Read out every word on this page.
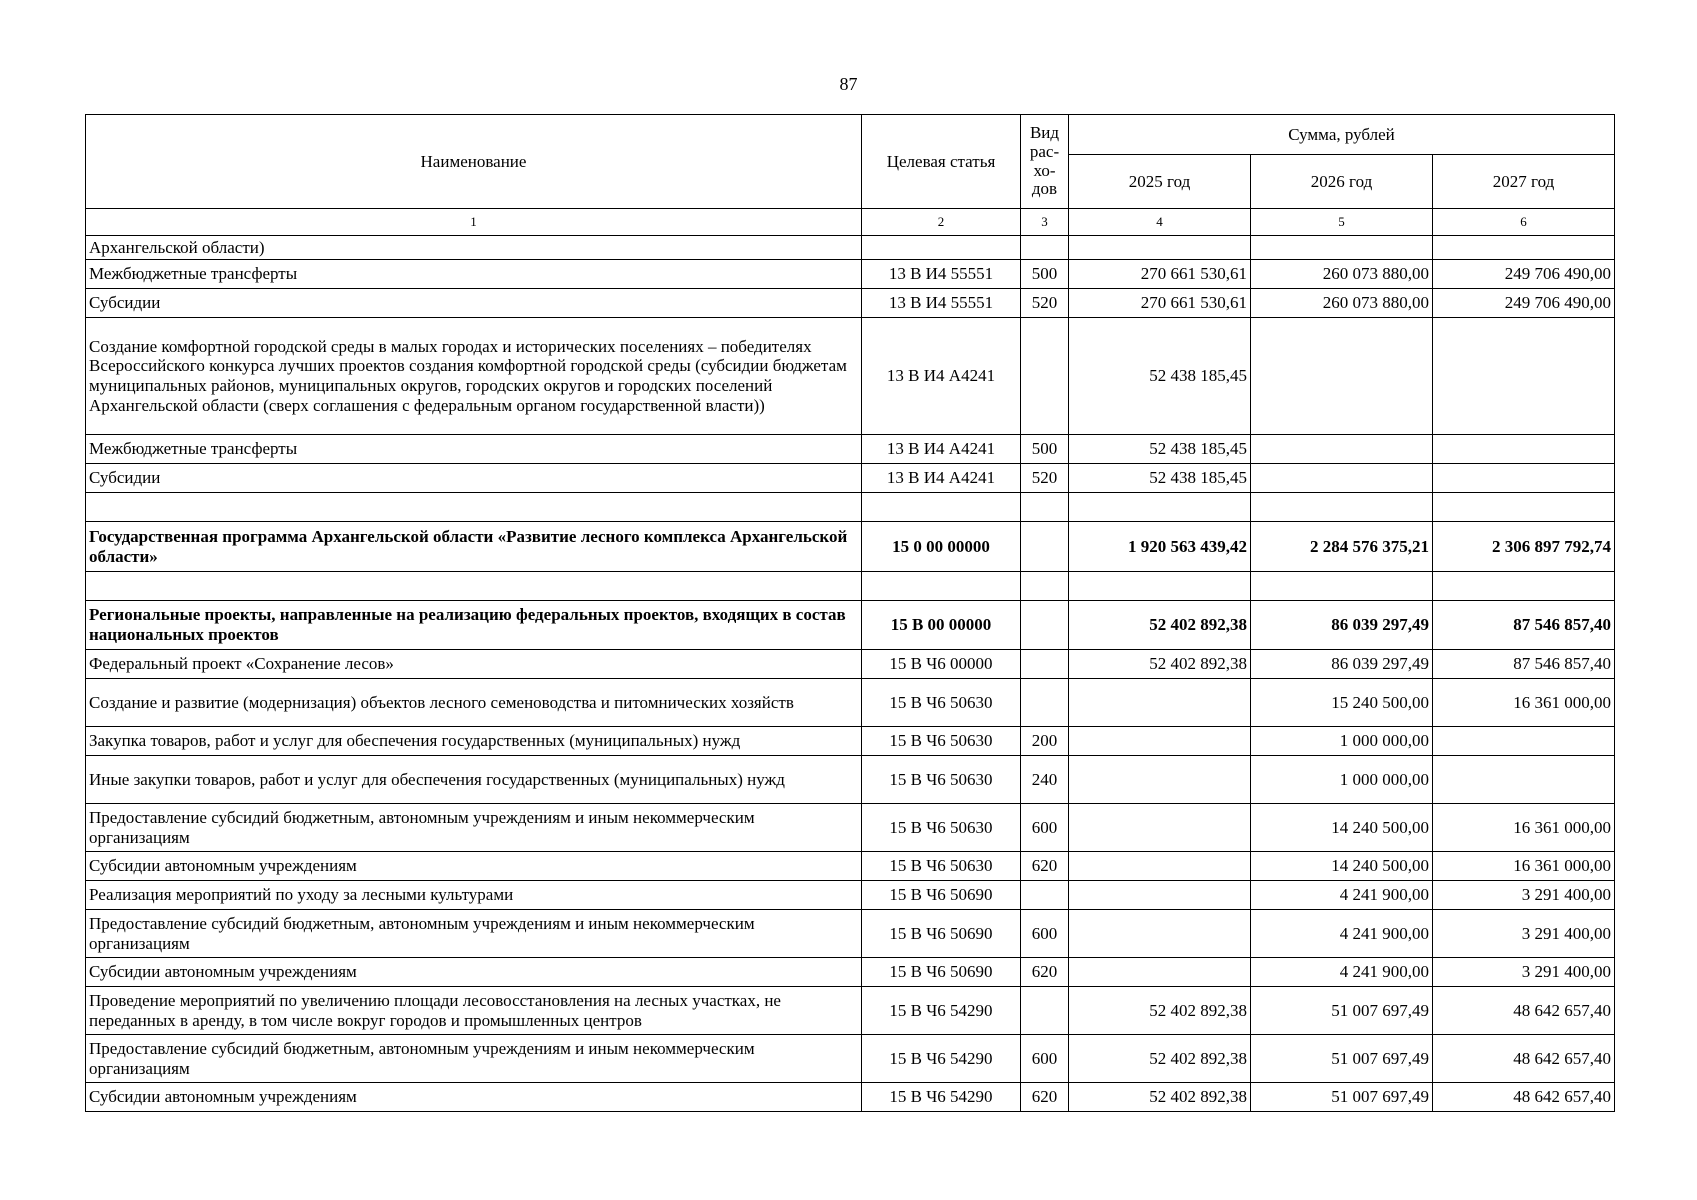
87
Наименование	Целевая статья	Вид рас-хо-дов	Сумма, рублей		
			2025 год	2026 год	2027 год
1	2	3	4	5	6
Архангельской области)					
Межбюджетные трансферты	13 В И4 55551	500	270 661 530,61	260 073 880,00	249 706 490,00
Субсидии	13 В И4 55551	520	270 661 530,61	260 073 880,00	249 706 490,00
Создание комфортной городской среды в малых городах и исторических поселениях – победителях Всероссийского конкурса лучших проектов создания комфортной городской среды (субсидии бюджетам муниципальных районов, муниципальных округов, городских округов и городских поселений Архангельской области (сверх соглашения с федеральным органом государственной власти))	13 В И4 А4241		52 438 185,45		
Межбюджетные трансферты	13 В И4 А4241	500	52 438 185,45		
Субсидии	13 В И4 А4241	520	52 438 185,45		

Государственная программа Архангельской области «Развитие лесного комплекса Архангельской области»	15 0 00 00000		1 920 563 439,42	2 284 576 375,21	2 306 897 792,74

Региональные проекты, направленные на реализацию федеральных проектов, входящих в состав национальных проектов	15 В 00 00000		52 402 892,38	86 039 297,49	87 546 857,40
Федеральный проект «Сохранение лесов»	15 В Ч6 00000		52 402 892,38	86 039 297,49	87 546 857,40
Создание и развитие (модернизация) объектов лесного семеноводства и питомнических хозяйств	15 В Ч6 50630			15 240 500,00	16 361 000,00
Закупка товаров, работ и услуг для обеспечения государственных (муниципальных) нужд	15 В Ч6 50630	200		1 000 000,00	
Иные закупки товаров, работ и услуг для обеспечения государственных (муниципальных) нужд	15 В Ч6 50630	240		1 000 000,00	
Предоставление субсидий бюджетным, автономным учреждениям и иным некоммерческим организациям	15 В Ч6 50630	600		14 240 500,00	16 361 000,00
Субсидии автономным учреждениям	15 В Ч6 50630	620		14 240 500,00	16 361 000,00
Реализация мероприятий по уходу за лесными культурами	15 В Ч6 50690			4 241 900,00	3 291 400,00
Предоставление субсидий бюджетным, автономным учреждениям и иным некоммерческим организациям	15 В Ч6 50690	600		4 241 900,00	3 291 400,00
Субсидии автономным учреждениям	15 В Ч6 50690	620		4 241 900,00	3 291 400,00
Проведение мероприятий по увеличению площади лесовосстановления на лесных участках, не переданных в аренду, в том числе вокруг городов и промышленных центров	15 В Ч6 54290		52 402 892,38	51 007 697,49	48 642 657,40
Предоставление субсидий бюджетным, автономным учреждениям и иным некоммерческим организациям	15 В Ч6 54290	600	52 402 892,38	51 007 697,49	48 642 657,40
Субсидии автономным учреждениям	15 В Ч6 54290	620	52 402 892,38	51 007 697,49	48 642 657,40
